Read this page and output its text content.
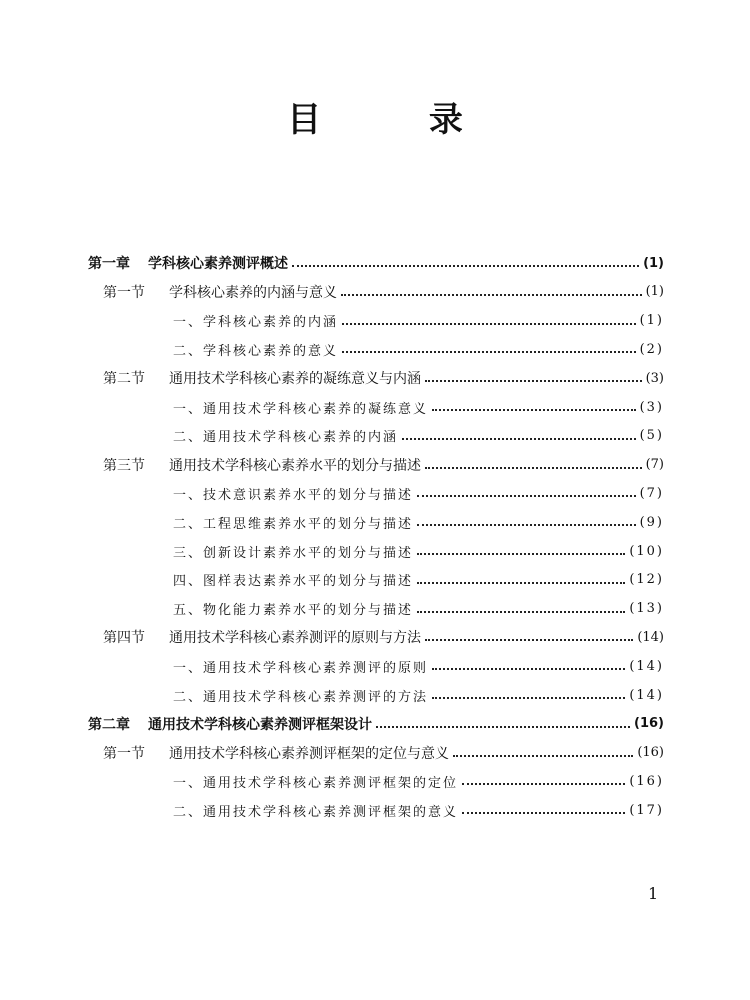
目 录
第一章	学科核心素养测评概述	(1)
第一节	学科核心素养的内涵与意义	(1)
一、学科核心素养的内涵	(1)
二、学科核心素养的意义	(2)
第二节	通用技术学科核心素养的凝练意义与内涵	(3)
一、通用技术学科核心素养的凝练意义	(3)
二、通用技术学科核心素养的内涵	(5)
第三节	通用技术学科核心素养水平的划分与描述	(7)
一、技术意识素养水平的划分与描述	(7)
二、工程思维素养水平的划分与描述	(9)
三、创新设计素养水平的划分与描述	(10)
四、图样表达素养水平的划分与描述	(12)
五、物化能力素养水平的划分与描述	(13)
第四节	通用技术学科核心素养测评的原则与方法	(14)
一、通用技术学科核心素养测评的原则	(14)
二、通用技术学科核心素养测评的方法	(14)
第二章	通用技术学科核心素养测评框架设计	(16)
第一节	通用技术学科核心素养测评框架的定位与意义	(16)
一、通用技术学科核心素养测评框架的定位	(16)
二、通用技术学科核心素养测评框架的意义	(17)
1
